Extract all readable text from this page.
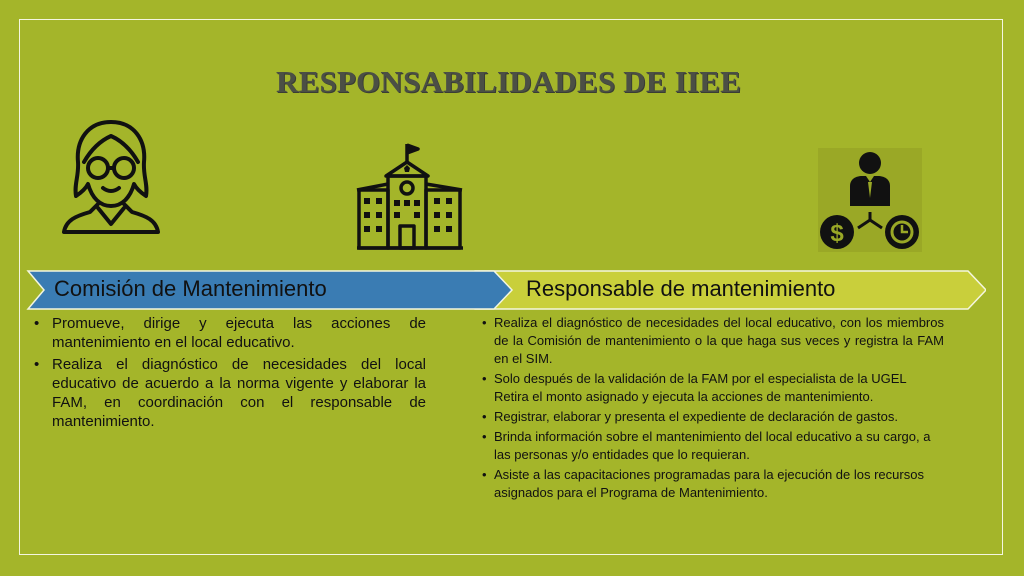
RESPONSABILIDADES DE IIEE
$
Comisión de Mantenimiento	Responsable de mantenimiento
• Promueve, dirige y ejecuta las acciones de mantenimiento en el local educativo.
• Realiza el diagnóstico de necesidades del local educativo de acuerdo a la norma vigente y elaborar la FAM, en coordinación con el responsable de mantenimiento.
• Realiza el diagnóstico de necesidades del local educativo, con los miembros de la Comisión de mantenimiento o la que haga sus veces y registra la FAM en el SIM.
• Solo después de la validación de la FAM por el especialista de la UGEL Retira el monto asignado y ejecuta la acciones de mantenimiento.
• Registrar, elaborar y presenta el expediente de declaración de gastos.
• Brinda información sobre el mantenimiento del local educativo a su cargo, a las personas y/o entidades que lo requieran.
• Asiste a las capacitaciones programadas para la ejecución de los recursos asignados para el Programa de Mantenimiento.
